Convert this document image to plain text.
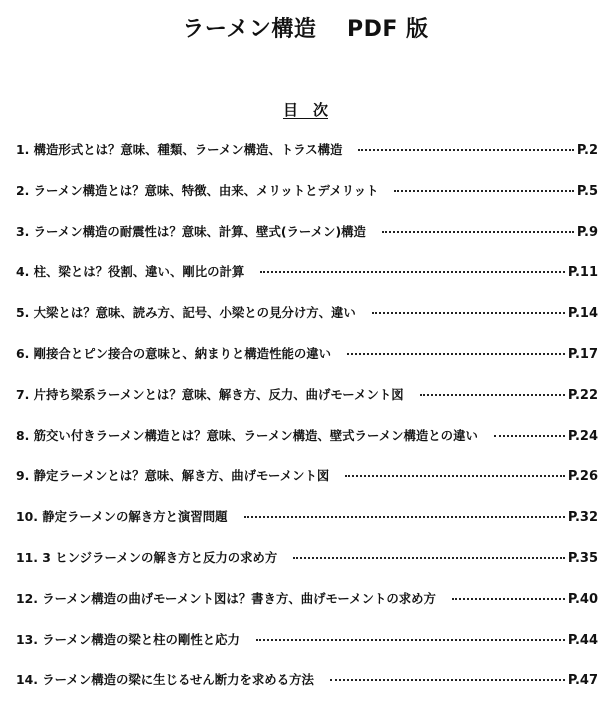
ラーメン構造　 PDF 版
目　次
1. 構造形式とは？意味、種類、ラーメン構造、トラス構造	P.2
2. ラーメン構造とは？意味、特徴、由来、メリットとデメリット	P.5
3. ラーメン構造の耐震性は？意味、計算、壁式(ラーメン)構造	P.9
4. 柱、梁とは？役割、違い、剛比の計算	P.11
5. 大梁とは？意味、読み方、記号、小梁との見分け方、違い	P.14
6. 剛接合とピン接合の意味と、納まりと構造性能の違い	P.17
7. 片持ち梁系ラーメンとは？意味、解き方、反力、曲げモーメント図	P.22
8. 筋交い付きラーメン構造とは？意味、ラーメン構造、壁式ラーメン構造との違い	P.24
9. 静定ラーメンとは？意味、解き方、曲げモーメント図	P.26
10. 静定ラーメンの解き方と演習問題	P.32
11. 3 ヒンジラーメンの解き方と反力の求め方	P.35
12. ラーメン構造の曲げモーメント図は？書き方、曲げモーメントの求め方	P.40
13. ラーメン構造の梁と柱の剛性と応力	P.44
14. ラーメン構造の梁に生じるせん断力を求める方法	P.47
